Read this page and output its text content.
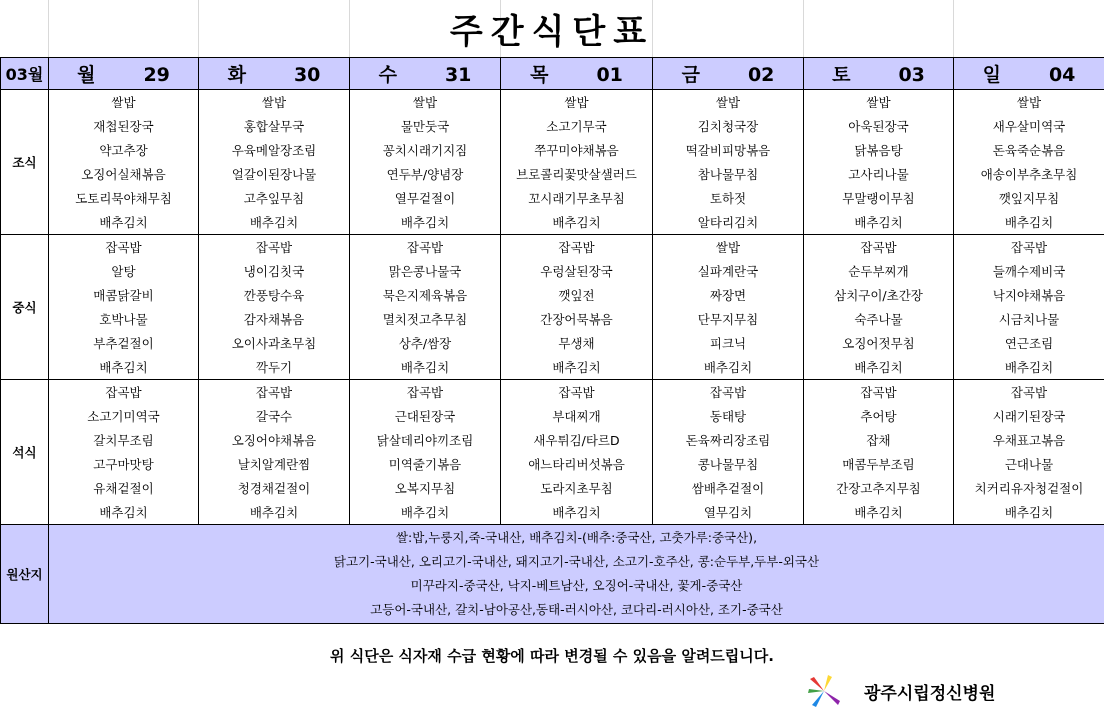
주간식단표
03월	월 29	화 30	수 31	목 01	금 02	토 03	일 04
조식	쌀밥	쌀밥	쌀밥	쌀밥	쌀밥	쌀밥	쌀밥
	재첩된장국	홍합살무국	물만둣국	소고기무국	김치청국장	아욱된장국	새우살미역국
	약고추장	우육메알장조림	꽁치시래기지짐	쭈꾸미야채볶음	떡갈비피망볶음	닭볶음탕	돈육죽순볶음
	오징어실채볶음	얼갈이된장나물	연두부/양념장	브로콜리꽃맛살샐러드	참나물무침	고사리나물	애송이부추초무침
	도토리묵야채무침	고추잎무침	열무겉절이	꼬시래기무초무침	토하젓	무말랭이무침	깻잎지무침
	배추김치	배추김치	배추김치	배추김치	알타리김치	배추김치	배추김치
중식	잡곡밥	잡곡밥	잡곡밥	잡곡밥	쌀밥	잡곡밥	잡곡밥
	알탕	냉이김칫국	맑은콩나물국	우렁살된장국	실파계란국	순두부찌개	들깨수제비국
	매콤닭갈비	깐풍탕수육	묵은지제육볶음	깻잎전	짜장면	삼치구이/초간장	낙지야채볶음
	호박나물	감자채볶음	멸치젓고추무침	간장어묵볶음	단무지무침	숙주나물	시금치나물
	부추겉절이	오이사과초무침	상추/쌈장	무생채	피크닉	오징어젓무침	연근조림
	배추김치	깍두기	배추김치	배추김치	배추김치	배추김치	배추김치
석식	잡곡밥	잡곡밥	잡곡밥	잡곡밥	잡곡밥	잡곡밥	잡곡밥
	소고기미역국	갈국수	근대된장국	부대찌개	동태탕	추어탕	시래기된장국
	갈치무조림	오징어야채볶음	닭살데리야끼조림	새우튀김/타르D	돈육짜리장조림	잡채	우채표고볶음
	고구마맛탕	날치알계란찜	미역줄기볶음	애느타리버섯볶음	콩나물무침	매콤두부조림	근대나물
	유채겉절이	청경채겉절이	오복지무침	도라지초무침	쌈배추겉절이	간장고추지무침	치커리유자청겉절이
	배추김치	배추김치	배추김치	배추김치	열무김치	배추김치	배추김치
원산지	쌀:밥,누룽지,죽-국내산, 배추김치-(배추:중국산, 고춧가루:중국산),
닭고기-국내산, 오리고기-국내산, 돼지고기-국내산, 소고기-호주산, 콩:순두부,두부-외국산
미꾸라지-중국산, 낙지-베트남산, 오징어-국내산, 꽃게-중국산
고등어-국내산, 갈치-남아공산,동태-러시아산, 코다리-러시아산, 조기-중국산						
위 식단은 식자재 수급 현황에 따라 변경될 수 있음을 알려드립니다.
광주시립정신병원
